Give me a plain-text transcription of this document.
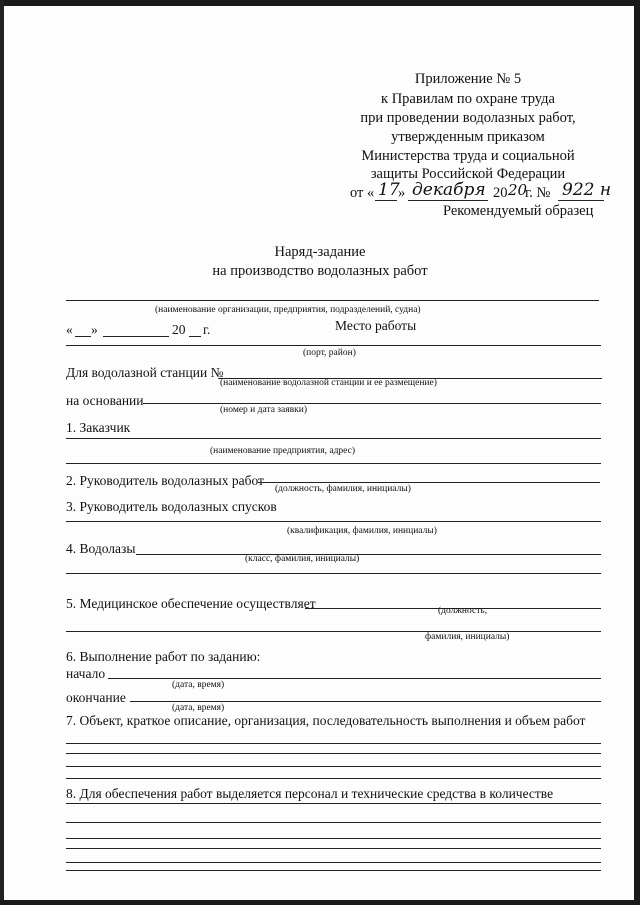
Приложение № 5
к Правилам по охране труда
при проведении водолазных работ,
утвержденным приказом
Министерства труда и социальной
защиты Российской Федерации
от « 17
» декабря 20 20
г. № 922 н
Рекомендуемый образец
Наряд-задание
на производство водолазных работ
(наименование организации, предприятия, подразделений, судна)
« »	20 г.	Место работы
(порт, район)
Для водолазной станции №
(наименование водолазной станции и ее размещение)
на основании
(номер и дата заявки)
1. Заказчик
(наименование предприятия, адрес)
2. Руководитель водолазных работ
(должность, фамилия, инициалы)
3. Руководитель водолазных спусков
(квалификация, фамилия, инициалы)
4. Водолазы
(класс, фамилия, инициалы)
5. Медицинское обеспечение осуществляет	(должность,
фамилия, инициалы)
6. Выполнение работ по заданию:
начало
(дата, время)
окончание
(дата, время)
7. Объект, краткое описание, организация, последовательность выполнения и объем работ
8. Для обеспечения работ выделяется персонал и технические средства в количестве
